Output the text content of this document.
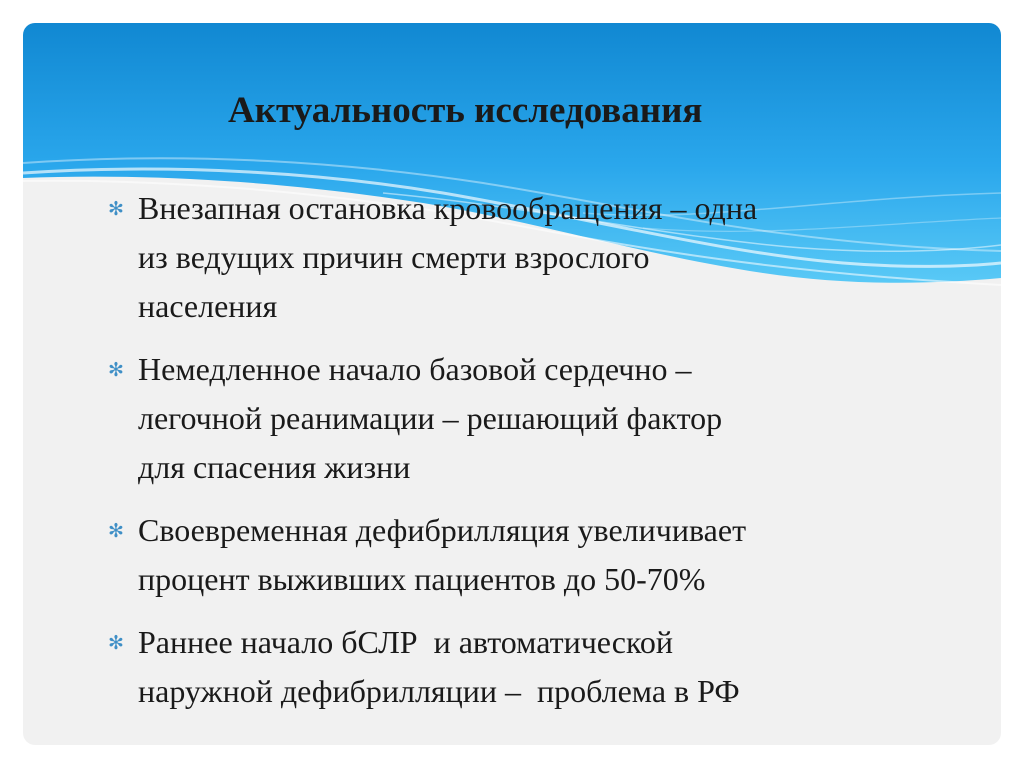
Актуальность исследования
✻ Внезапная остановка кровообращения – одна
из ведущих причин смерти взрослого
населения
✻ Немедленное начало базовой сердечно –
легочной реанимации – решающий фактор
для спасения жизни
✻ Своевременная дефибрилляция увеличивает
процент выживших пациентов до 50-70%
✻ Раннее начало бСЛР  и автоматической
наружной дефибрилляции –  проблема в РФ
